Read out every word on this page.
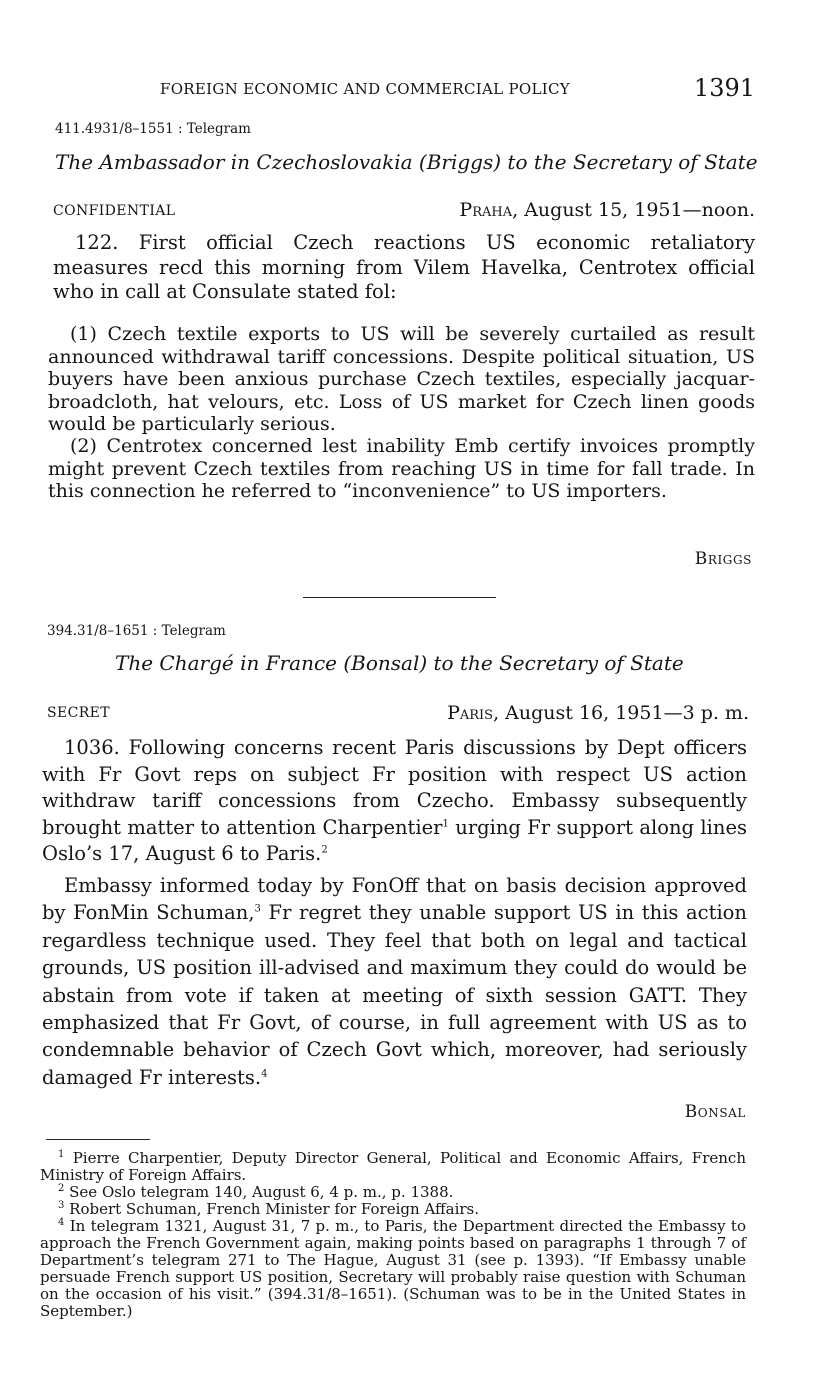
FOREIGN ECONOMIC AND COMMERCIAL POLICY	1391
411.4931/8–1551 : Telegram
The Ambassador in Czechoslovakia (Briggs) to the Secretary of State
CONFIDENTIAL	Praha, August 15, 1951—noon.

122. First official Czech reactions US economic retaliatory measures recd this morning from Vilem Havelka, Centrotex official who in call at Consulate stated fol:

(1) Czech textile exports to US will be severely curtailed as result announced withdrawal tariff concessions. Despite political situation, US buyers have been anxious purchase Czech textiles, especially jacquar-broadcloth, hat velours, etc. Loss of US market for Czech linen goods would be particularly serious.

(2) Centrotex concerned lest inability Emb certify invoices promptly might prevent Czech textiles from reaching US in time for fall trade. In this connection he referred to “inconvenience” to US importers.

Briggs
394.31/8–1651 : Telegram
The Chargé in France (Bonsal) to the Secretary of State
SECRET	Paris, August 16, 1951—3 p. m.

1036. Following concerns recent Paris discussions by Dept officers with Fr Govt reps on subject Fr position with respect US action withdraw tariff concessions from Czecho. Embassy subsequently brought matter to attention Charpentier$^1$ urging Fr support along lines Oslo’s 17, August 6 to Paris.$^2$

Embassy informed today by FonOff that on basis decision approved by FonMin Schuman,$^3$ Fr regret they unable support US in this action regardless technique used. They feel that both on legal and tactical grounds, US position ill-advised and maximum they could do would be abstain from vote if taken at meeting of sixth session GATT. They emphasized that Fr Govt, of course, in full agreement with US as to condemnable behavior of Czech Govt which, moreover, had seriously damaged Fr interests.$^4$

Bonsal

$^1$ Pierre Charpentier, Deputy Director General, Political and Economic Affairs, French Ministry of Foreign Affairs.

$^2$ See Oslo telegram 140, August 6, 4 p. m., p. 1388.

$^3$ Robert Schuman, French Minister for Foreign Affairs.

$^4$ In telegram 1321, August 31, 7 p. m., to Paris, the Department directed the Embassy to approach the French Government again, making points based on paragraphs 1 through 7 of Department’s telegram 271 to The Hague, August 31 (see p. 1393). “If Embassy unable persuade French support US position, Secretary will probably raise question with Schuman on the occasion of his visit.” (394.31/8–1651). (Schuman was to be in the United States in September.)
